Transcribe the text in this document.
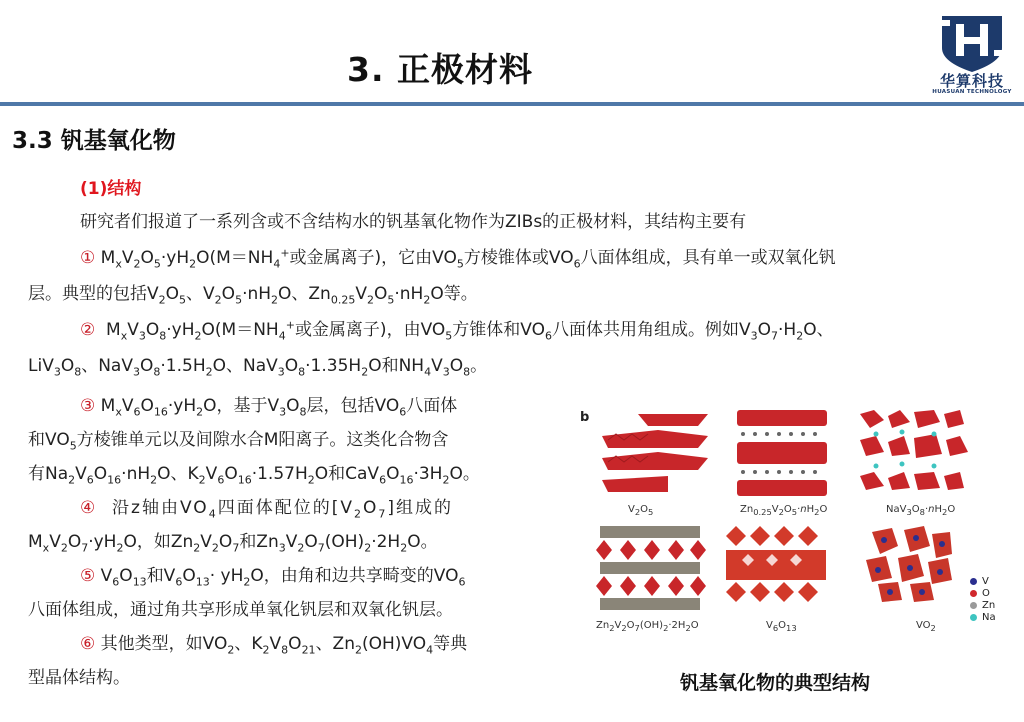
3. 正极材料	华算科技
HUASUAN TECHNOLOGY
3.3 钒基氧化物
(1)结构
研究者们报道了一系列含或不含结构水的钒基氧化物作为ZIBs的正极材料，其结构主要有
① $M_xV_2O_5\cdot yH_2O(M=NH_4^+$或金属离子)，它由$VO_5$方棱锥体或$VO_6$八面体组成，具有单一或双氧化钒
层。典型的包括$V_2O_5$、$V_2O_5\cdot nH_2O$、$Zn_{0.25}V_2O_5\cdot nH_2O$等。
②  $M_xV_3O_8\cdot yH_2O(M=NH_4^+$或金属离子)，由$VO_5$方锥体和$VO_6$八面体共用角组成。例如$V_3O_7\cdot H_2O$、
$LiV_3O_8$、$NaV_3O_8\cdot 1.5H_2O$、$NaV_3O_8\cdot 1.35H_2O$和$NH_4V_3O_8$。
③ $M_xV_6O_{16}\cdot yH_2O$，基于$V_3O_8$层，包括$VO_6$八面体
和$VO_5$方棱锥单元以及间隙水合M阳离子。这类化合物含
有$Na_2V_6O_{16}\cdot nH_2O$、$K_2V_6O_{16}\cdot 1.57H_2O$和$CaV_6O_{16}\cdot 3H_2O$。
④  沿z轴由$VO_4$四面体配位的$[V_2O_7]$组成的
$M_xV_2O_7\cdot yH_2O$，如$Zn_2V_2O_7$和$Zn_3V_2O_7(OH)_2\cdot 2H_2O$。
⑤ $V_6O_{13}$和$V_6O_{13}\cdot yH_2O$，由角和边共享畸变的$VO_6$
八面体组成，通过角共享形成单氧化钒层和双氧化钒层。
⑥ 其他类型，如$VO_2$、$K_2V_8O_{21}$、$Zn_2(OH)VO_4$等典
型晶体结构。
b
$V_2O_5$	$Zn_{0.25}V_2O_5\cdot nH_2O$	$NaV_3O_8\cdot nH_2O$
$Zn_2V_2O_7(OH)_2\cdot 2H_2O$	$V_6O_{13}$	$VO_2$
V
O
Zn
Na
钒基氧化物的典型结构
